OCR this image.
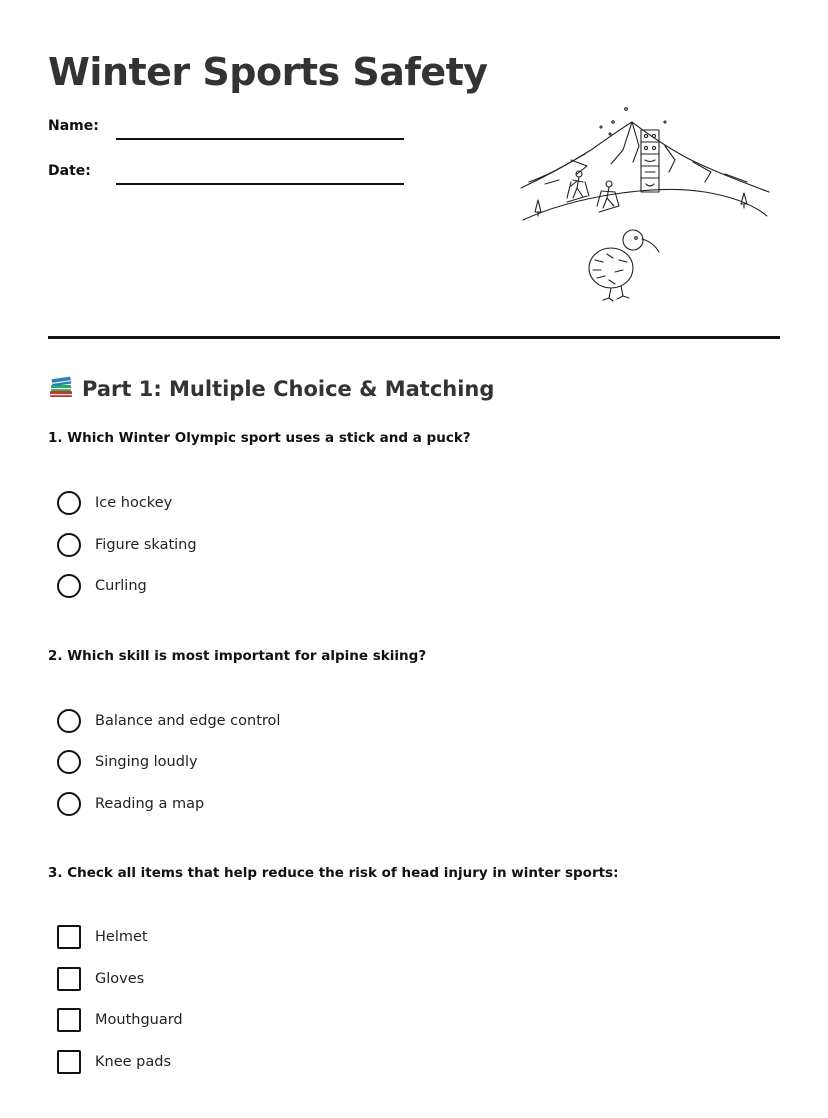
Winter Sports Safety
Name:
Date:
Part 1: Multiple Choice & Matching
1. Which Winter Olympic sport uses a stick and a puck?
Ice hockey
Figure skating
Curling
2. Which skill is most important for alpine skiing?
Balance and edge control
Singing loudly
Reading a map
3. Check all items that help reduce the risk of head injury in winter sports:
Helmet
Gloves
Mouthguard
Knee pads
